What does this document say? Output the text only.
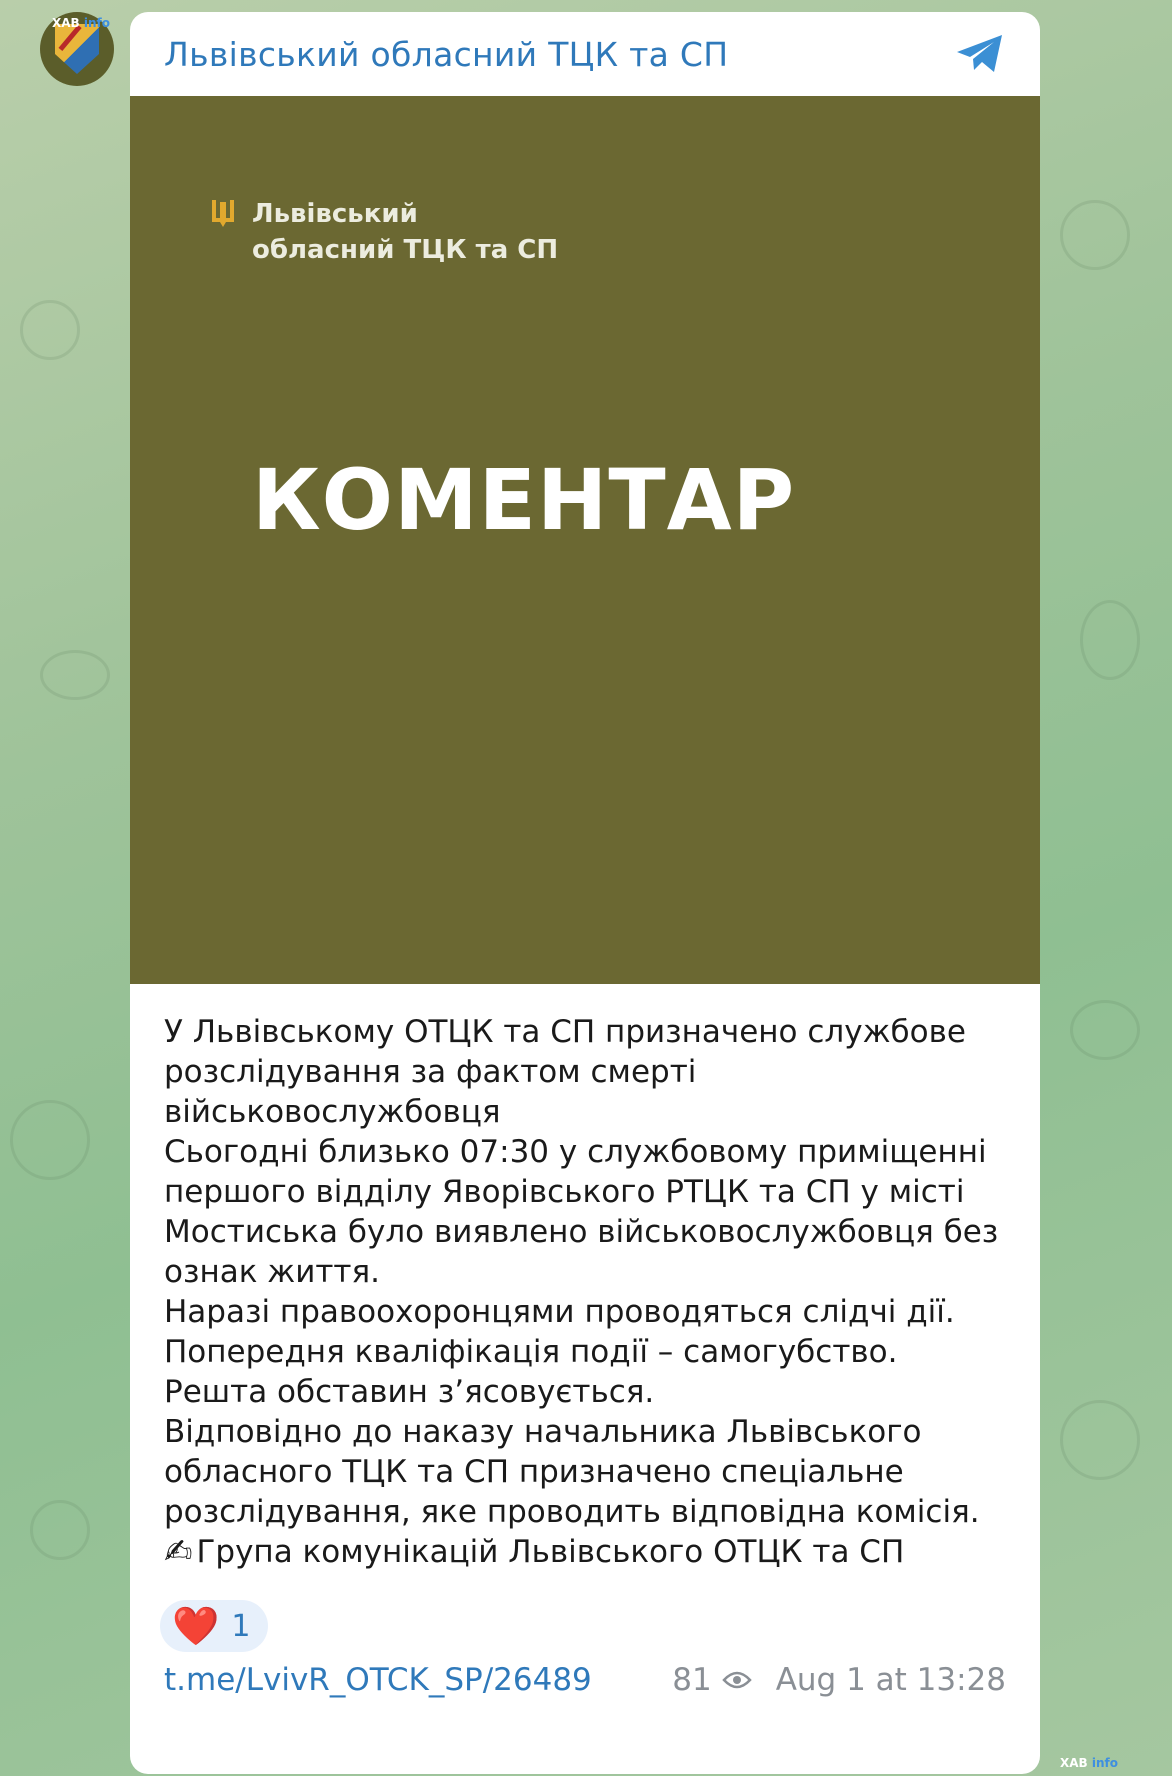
ХАВ info
ХАВ info
Львівський обласний ТЦК та СП
Львівський
обласний ТЦК та СП
КОМЕНТАР

У Львівському ОТЦК та СП призначено службове розслідування за фактом смерті військовослужбовця

Сьогодні близько 07:30 у службовому приміщенні першого відділу Яворівського РТЦК та СП у місті Мостиська було виявлено військовослужбовця без ознак життя.

Наразі правоохоронцями проводяться слідчі дії.

Попередня кваліфікація події – самогубство.

Решта обставин з’ясовується.

Відповідно до наказу начальника Львівського обласного ТЦК та СП призначено спеціальне розслідування, яке проводить відповідна комісія.

✍ Група комунікацій Львівського ОТЦК та СП
❤️ 1
t.me/LvivR_OTCK_SP/26489	81 Aug 1 at 13:28
